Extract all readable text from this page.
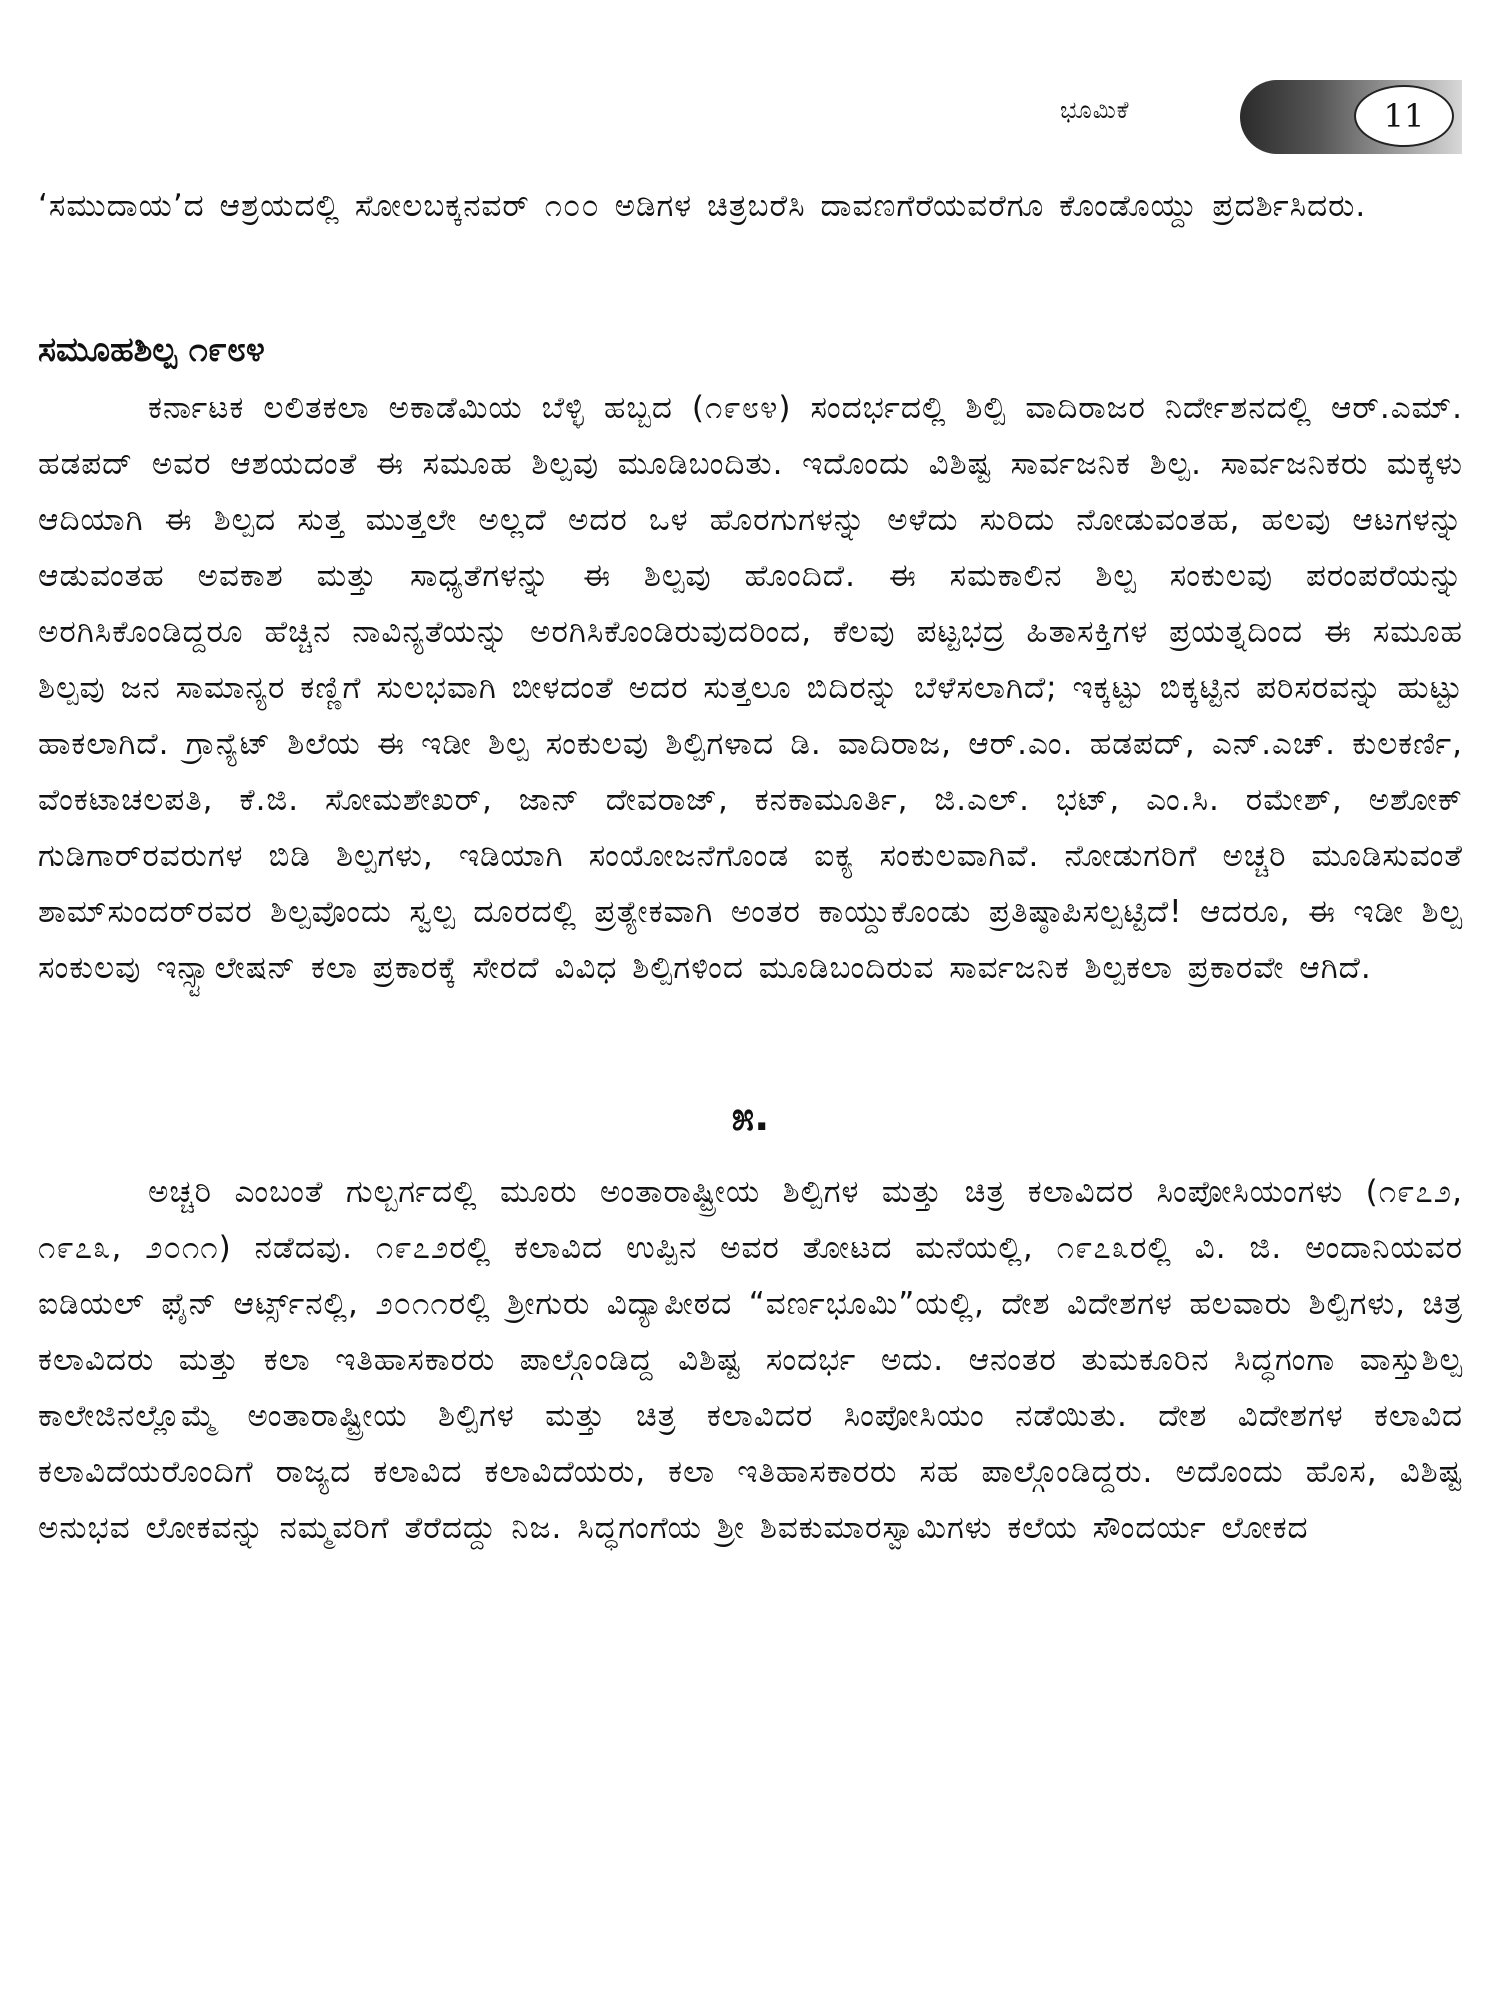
ಭೂಮಿಕೆ	11

‘ಸಮುದಾಯ’ದ ಆಶ್ರಯದಲ್ಲಿ ಸೋಲಬಕ್ಕನವರ್ ೧೦೦ ಅಡಿಗಳ ಚಿತ್ರಬರೆಸಿ ದಾವಣಗೆರೆಯವರೆಗೂ ಕೊಂಡೊಯ್ದು ಪ್ರದರ್ಶಿಸಿದರು.

ಸಮೂಹಶಿಲ್ಪ ೧೯೮೪

ಕರ್ನಾಟಕ ಲಲಿತಕಲಾ ಅಕಾಡೆಮಿಯ ಬೆಳ್ಳಿ ಹಬ್ಬದ (೧೯೮೪) ಸಂದರ್ಭದಲ್ಲಿ ಶಿಲ್ಪಿ ವಾದಿರಾಜರ ನಿರ್ದೇಶನದಲ್ಲಿ ಆರ್.ಎಮ್. ಹಡಪದ್ ಅವರ ಆಶಯದಂತೆ ಈ ಸಮೂಹ ಶಿಲ್ಪವು ಮೂಡಿಬಂದಿತು. ಇದೊಂದು ವಿಶಿಷ್ಟ ಸಾರ್ವಜನಿಕ ಶಿಲ್ಪ. ಸಾರ್ವಜನಿಕರು ಮಕ್ಕಳು ಆದಿಯಾಗಿ ಈ ಶಿಲ್ಪದ ಸುತ್ತ ಮುತ್ತಲೇ ಅಲ್ಲದೆ ಅದರ ಒಳ ಹೊರಗುಗಳನ್ನು ಅಳೆದು ಸುರಿದು ನೋಡುವಂತಹ, ಹಲವು ಆಟಗಳನ್ನು ಆಡುವಂತಹ ಅವಕಾಶ ಮತ್ತು ಸಾಧ್ಯತೆಗಳನ್ನು ಈ ಶಿಲ್ಪವು ಹೊಂದಿದೆ. ಈ ಸಮಕಾಲಿನ ಶಿಲ್ಪ ಸಂಕುಲವು ಪರಂಪರೆಯನ್ನು ಅರಗಿಸಿಕೊಂಡಿದ್ದರೂ ಹೆಚ್ಚಿನ ನಾವಿನ್ಯತೆಯನ್ನು ಅರಗಿಸಿಕೊಂಡಿರುವುದರಿಂದ, ಕೆಲವು ಪಟ್ಟಭದ್ರ ಹಿತಾಸಕ್ತಿಗಳ ಪ್ರಯತ್ನದಿಂದ ಈ ಸಮೂಹ ಶಿಲ್ಪವು ಜನ ಸಾಮಾನ್ಯರ ಕಣ್ಣಿಗೆ ಸುಲಭವಾಗಿ ಬೀಳದಂತೆ ಅದರ ಸುತ್ತಲೂ ಬಿದಿರನ್ನು ಬೆಳೆಸಲಾಗಿದೆ; ಇಕ್ಕಟ್ಟು ಬಿಕ್ಕಟ್ಟಿನ ಪರಿಸರವನ್ನು ಹುಟ್ಟು ಹಾಕಲಾಗಿದೆ. ಗ್ರಾನ್ಯೆಟ್ ಶಿಲೆಯ ಈ ಇಡೀ ಶಿಲ್ಪ ಸಂಕುಲವು ಶಿಲ್ಪಿಗಳಾದ ಡಿ. ವಾದಿರಾಜ, ಆರ್.ಎಂ. ಹಡಪದ್, ಎನ್.ಎಚ್. ಕುಲಕರ್ಣಿ, ವೆಂಕಟಾಚಲಪತಿ, ಕೆ.ಜಿ. ಸೋಮಶೇಖರ್, ಜಾನ್ ದೇವರಾಜ್, ಕನಕಾಮೂರ್ತಿ, ಜಿ.ಎಲ್. ಭಟ್, ಎಂ.ಸಿ. ರಮೇಶ್, ಅಶೋಕ್ ಗುಡಿಗಾರ್‌ರವರುಗಳ ಬಿಡಿ ಶಿಲ್ಪಗಳು, ಇಡಿಯಾಗಿ ಸಂಯೋಜನೆಗೊಂಡ ಐಕ್ಯ ಸಂಕುಲವಾಗಿವೆ. ನೋಡುಗರಿಗೆ ಅಚ್ಚರಿ ಮೂಡಿಸುವಂತೆ ಶಾಮ್‌ಸುಂದರ್‌ರವರ ಶಿಲ್ಪವೊಂದು ಸ್ವಲ್ಪ ದೂರದಲ್ಲಿ ಪ್ರತ್ಯೇಕವಾಗಿ ಅಂತರ ಕಾಯ್ದುಕೊಂಡು ಪ್ರತಿಷ್ಠಾಪಿಸಲ್ಪಟ್ಟಿದೆ! ಆದರೂ, ಈ ಇಡೀ ಶಿಲ್ಪ ಸಂಕುಲವು ಇನ್ಸ್ಟಾಲೇಷನ್ ಕಲಾ ಪ್ರಕಾರಕ್ಕೆ ಸೇರದೆ ವಿವಿಧ ಶಿಲ್ಪಿಗಳಿಂದ ಮೂಡಿಬಂದಿರುವ ಸಾರ್ವಜನಿಕ ಶಿಲ್ಪಕಲಾ ಪ್ರಕಾರವೇ ಆಗಿದೆ.

೫.

ಅಚ್ಚರಿ ಎಂಬಂತೆ ಗುಲ್ಬರ್ಗದಲ್ಲಿ ಮೂರು ಅಂತಾರಾಷ್ಟ್ರೀಯ ಶಿಲ್ಪಿಗಳ ಮತ್ತು ಚಿತ್ರ ಕಲಾವಿದರ ಸಿಂಪೋಸಿಯಂಗಳು (೧೯೭೨, ೧೯೭೩, ೨೦೧೧) ನಡೆದವು. ೧೯೭೨ರಲ್ಲಿ ಕಲಾವಿದ ಉಪ್ಪಿನ ಅವರ ತೋಟದ ಮನೆಯಲ್ಲಿ, ೧೯೭೩ರಲ್ಲಿ ವಿ. ಜಿ. ಅಂದಾನಿಯವರ ಐಡಿಯಲ್ ಫೈನ್ ಆರ್ಟ್ಸ್‌ನಲ್ಲಿ, ೨೦೧೧ರಲ್ಲಿ ಶ್ರೀಗುರು ವಿದ್ಯಾಪೀಠದ “ವರ್ಣಭೂಮಿ”ಯಲ್ಲಿ, ದೇಶ ವಿದೇಶಗಳ ಹಲವಾರು ಶಿಲ್ಪಿಗಳು, ಚಿತ್ರ ಕಲಾವಿದರು ಮತ್ತು ಕಲಾ ಇತಿಹಾಸಕಾರರು ಪಾಲ್ಗೊಂಡಿದ್ದ ವಿಶಿಷ್ಟ ಸಂದರ್ಭ ಅದು. ಆನಂತರ ತುಮಕೂರಿನ ಸಿದ್ಧಗಂಗಾ ವಾಸ್ತುಶಿಲ್ಪ ಕಾಲೇಜಿನಲ್ಲೊಮ್ಮೆ ಅಂತಾರಾಷ್ಟ್ರೀಯ ಶಿಲ್ಪಿಗಳ ಮತ್ತು ಚಿತ್ರ ಕಲಾವಿದರ ಸಿಂಪೋಸಿಯಂ ನಡೆಯಿತು. ದೇಶ ವಿದೇಶಗಳ ಕಲಾವಿದ ಕಲಾವಿದೆಯರೊಂದಿಗೆ ರಾಜ್ಯದ ಕಲಾವಿದ ಕಲಾವಿದೆಯರು, ಕಲಾ ಇತಿಹಾಸಕಾರರು ಸಹ ಪಾಲ್ಗೊಂಡಿದ್ದರು. ಅದೊಂದು ಹೊಸ, ವಿಶಿಷ್ಟ ಅನುಭವ ಲೋಕವನ್ನು ನಮ್ಮವರಿಗೆ ತೆರೆದದ್ದು ನಿಜ. ಸಿದ್ಧಗಂಗೆಯ ಶ್ರೀ ಶಿವಕುಮಾರಸ್ವಾಮಿಗಳು ಕಲೆಯ ಸೌಂದರ್ಯ ಲೋಕದ
